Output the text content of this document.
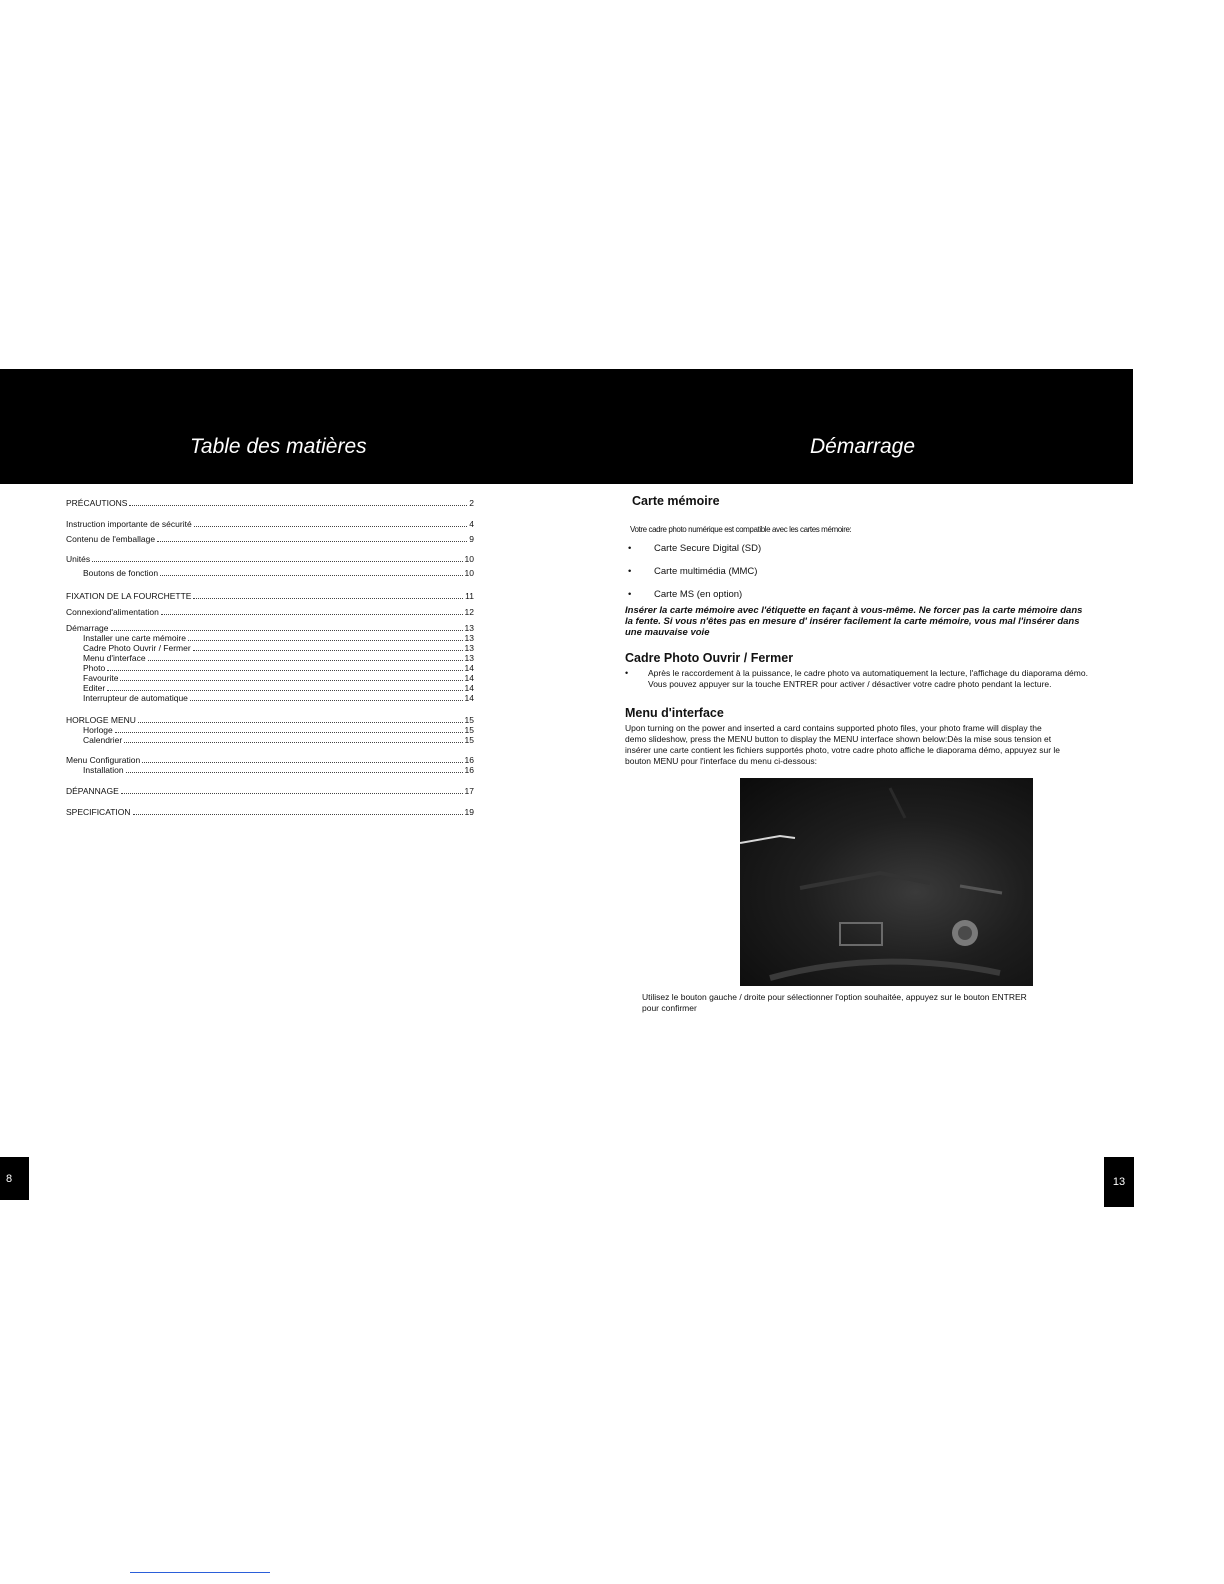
Table des matières	Démarrage
PRÉCAUTIONS	2
Instruction importante de sécurité	4
Contenu de l'emballage	9
Unités	10
Boutons de fonction	10
FIXATION DE LA FOURCHETTE	11
Connexiond'alimentation	12
Démarrage	13
Installer une carte mémoire	13
Cadre Photo Ouvrir / Fermer	13
Menu d'interface	13
Photo	14
Favourite	14
Editer	14
Interrupteur de automatique	14
HORLOGE MENU	15
Horloge	15
Calendrier	15
Menu Configuration	16
Installation	16
DÉPANNAGE	17
SPECIFICATION	19
Carte mémoire
Votre cadre photo numérique est compatible avec les cartes mémoire:
• Carte Secure Digital (SD)
• Carte multimédia (MMC)
• Carte MS (en option)
Insérer la carte mémoire avec l'étiquette en façant à vous-même. Ne forcer pas la carte mémoire dans la fente. Si vous n'êtes pas en mesure d' insérer facilement la carte mémoire, vous mal l'insérer dans une mauvaise voie
Cadre Photo Ouvrir / Fermer
• Après le raccordement à la puissance, le cadre photo va automatiquement la lecture, l'affichage du diaporama démo. Vous pouvez appuyer sur la touche ENTRER pour activer / désactiver votre cadre photo pendant la lecture.
Menu d'interface
Upon turning on the power and inserted a card contains supported photo files, your photo frame will display the demo slideshow, press the MENU button to display the MENU interface shown below:Dès la mise sous tension et insérer une carte contient les fichiers supportés photo, votre cadre photo affiche le diaporama démo, appuyez sur le bouton MENU pour l'interface du menu ci-dessous:
Utilisez le bouton gauche / droite pour sélectionner l'option souhaitée, appuyez sur le bouton ENTRER pour confirmer
8	13
